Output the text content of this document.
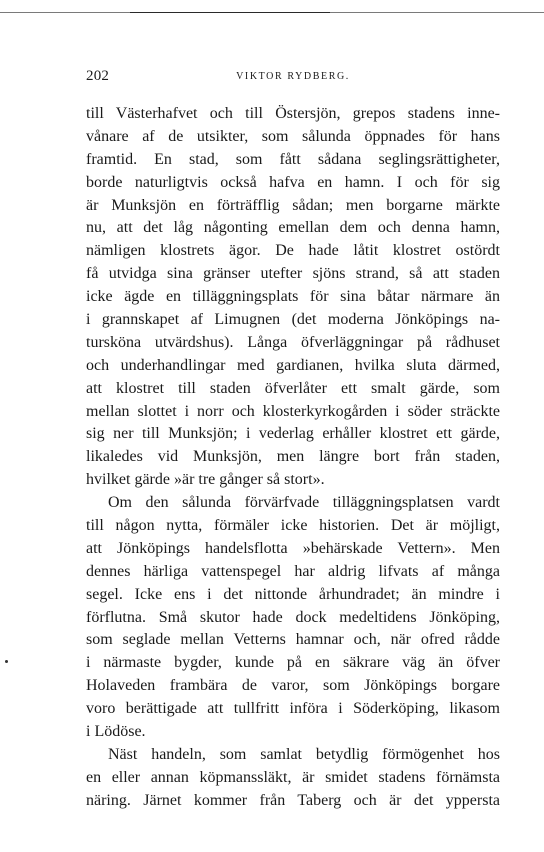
202	VIKTOR RYDBERG.
till Västerhafvet och till Östersjön, grepos stadens inne-
vånare af de utsikter, som sålunda öppnades för hans
framtid. En stad, som fått sådana seglingsrättigheter,
borde naturligtvis också hafva en hamn. I och för sig
är Munksjön en förträfflig sådan; men borgarne märkte
nu, att det låg någonting emellan dem och denna hamn,
nämligen klostrets ägor. De hade låtit klostret ostördt
få utvidga sina gränser utefter sjöns strand, så att staden
icke ägde en tilläggningsplats för sina båtar närmare än
i grannskapet af Limugnen (det moderna Jönköpings na-
tursköna utvärdshus). Långa öfverläggningar på rådhuset
och underhandlingar med gardianen, hvilka sluta därmed,
att klostret till staden öfverlåter ett smalt gärde, som
mellan slottet i norr och klosterkyrkogården i söder sträckte
sig ner till Munksjön; i vederlag erhåller klostret ett gärde,
likaledes vid Munksjön, men längre bort från staden,
hvilket gärde »är tre gånger så stort».
Om den sålunda förvärfvade tilläggningsplatsen vardt
till någon nytta, förmäler icke historien. Det är möjligt,
att Jönköpings handelsflotta »behärskade Vettern». Men
dennes härliga vattenspegel har aldrig lifvats af många
segel. Icke ens i det nittonde århundradet; än mindre i
förflutna. Små skutor hade dock medeltidens Jönköping,
som seglade mellan Vetterns hamnar och, när ofred rådde
i närmaste bygder, kunde på en säkrare väg än öfver
Holaveden frambära de varor, som Jönköpings borgare
voro berättigade att tullfritt införa i Söderköping, likasom
i Lödöse.
Näst handeln, som samlat betydlig förmögenhet hos
en eller annan köpmanssläkt, är smidet stadens förnämsta
näring. Järnet kommer från Taberg och är det yppersta
